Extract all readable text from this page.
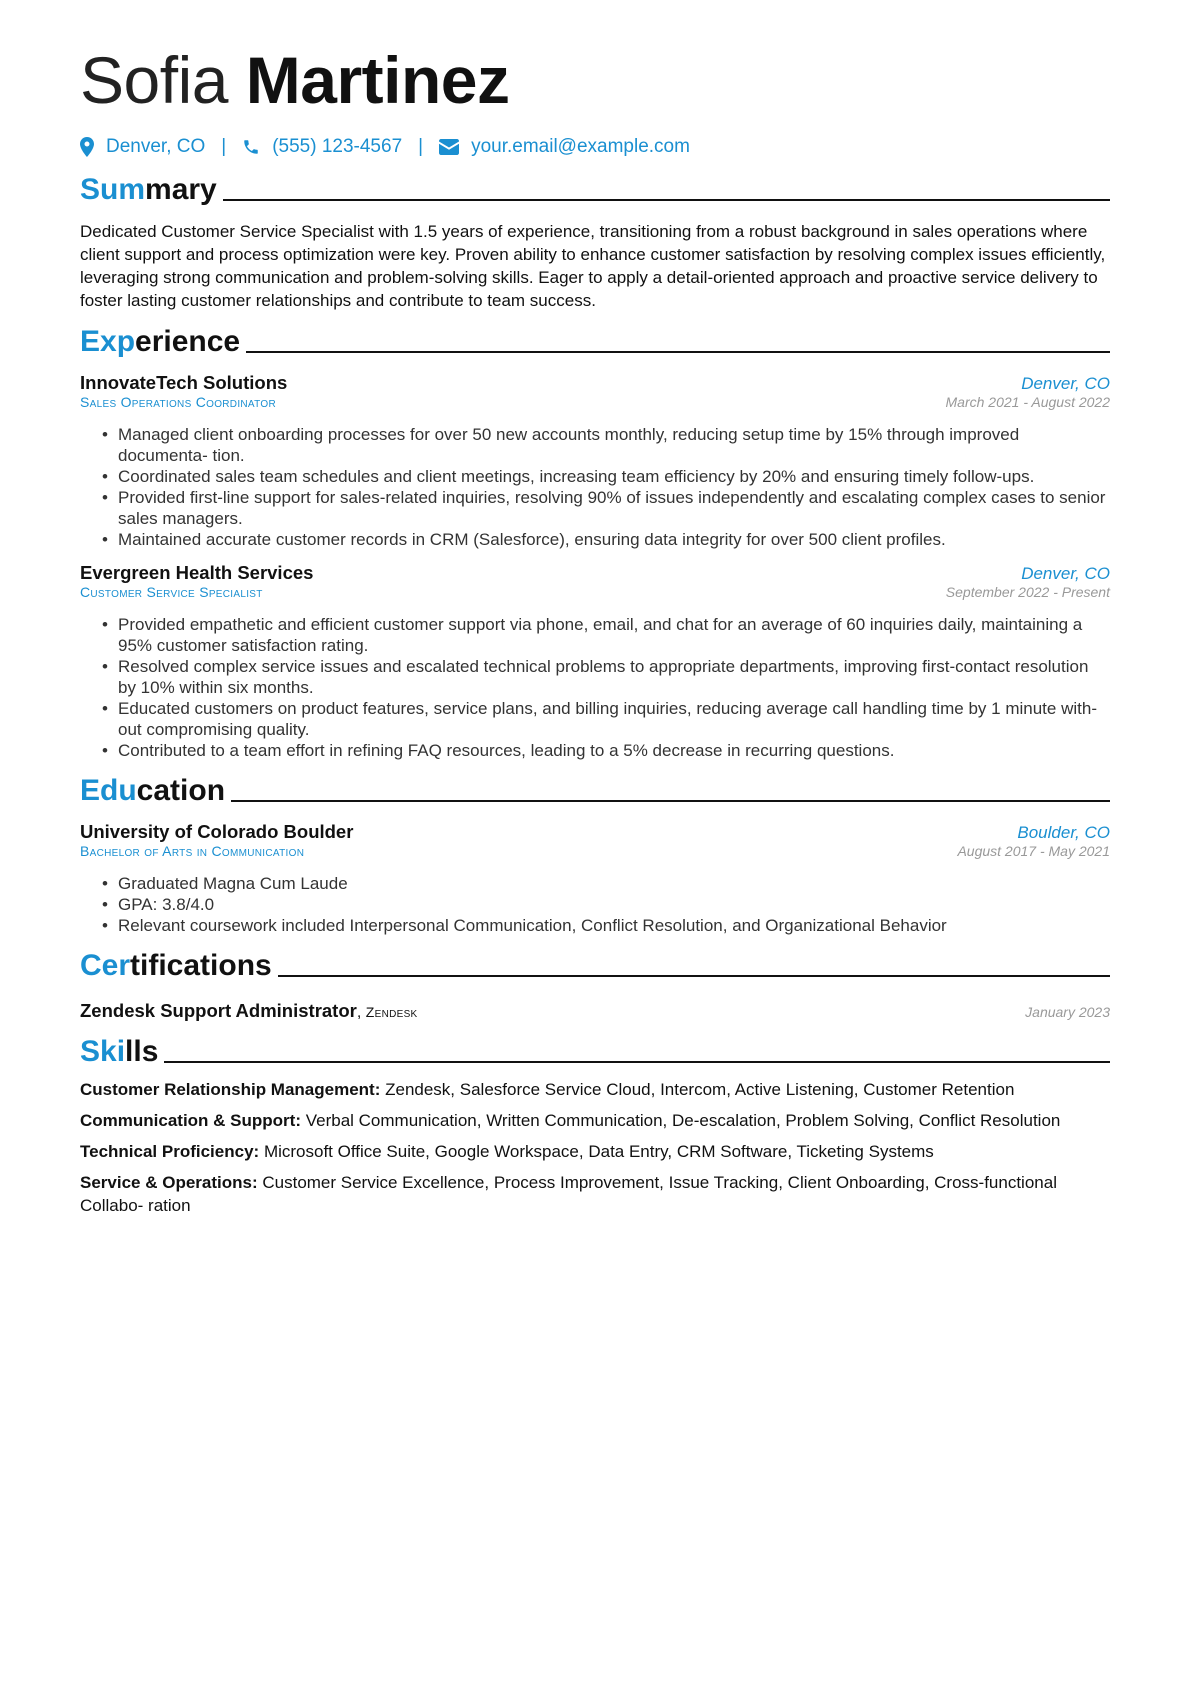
Sofia Martinez
Denver, CO | (555) 123-4567 |	your.email@example.com
Summary
Dedicated Customer Service Specialist with 1.5 years of experience, transitioning from a robust background in sales operations where client support and process optimization were key. Proven ability to enhance customer satisfaction by resolving complex issues efficiently, leveraging strong communication and problem-solving skills. Eager to apply a detail-oriented approach and proactive service delivery to foster lasting customer relationships and contribute to team success.
Experience
InnovateTech Solutions	Denver, CO
Sales Operations Coordinator	March 2021 - August 2022
• Managed client onboarding processes for over 50 new accounts monthly, reducing setup time by 15% through improved documenta- tion.
• Coordinated sales team schedules and client meetings, increasing team efficiency by 20% and ensuring timely follow-ups.
• Provided first-line support for sales-related inquiries, resolving 90% of issues independently and escalating complex cases to senior sales managers.
• Maintained accurate customer records in CRM (Salesforce), ensuring data integrity for over 500 client profiles.
Evergreen Health Services	Denver, CO
Customer Service Specialist	September 2022 - Present
• Provided empathetic and efficient customer support via phone, email, and chat for an average of 60 inquiries daily, maintaining a 95% customer satisfaction rating.
• Resolved complex service issues and escalated technical problems to appropriate departments, improving first-contact resolution by 10% within six months.
• Educated customers on product features, service plans, and billing inquiries, reducing average call handling time by 1 minute with- out compromising quality.
• Contributed to a team effort in refining FAQ resources, leading to a 5% decrease in recurring questions.
Education
University of Colorado Boulder	Boulder, CO
Bachelor of Arts in Communication	August 2017 - May 2021
• Graduated Magna Cum Laude
• GPA: 3.8/4.0
• Relevant coursework included Interpersonal Communication, Conflict Resolution, and Organizational Behavior
Certifications
Zendesk Support Administrator, Zendesk	January 2023
Skills
Customer Relationship Management: Zendesk, Salesforce Service Cloud, Intercom, Active Listening, Customer Retention
Communication & Support: Verbal Communication, Written Communication, De-escalation, Problem Solving, Conflict Resolution
Technical Proficiency: Microsoft Office Suite, Google Workspace, Data Entry, CRM Software, Ticketing Systems
Service & Operations: Customer Service Excellence, Process Improvement, Issue Tracking, Client Onboarding, Cross-functional Collabo- ration
